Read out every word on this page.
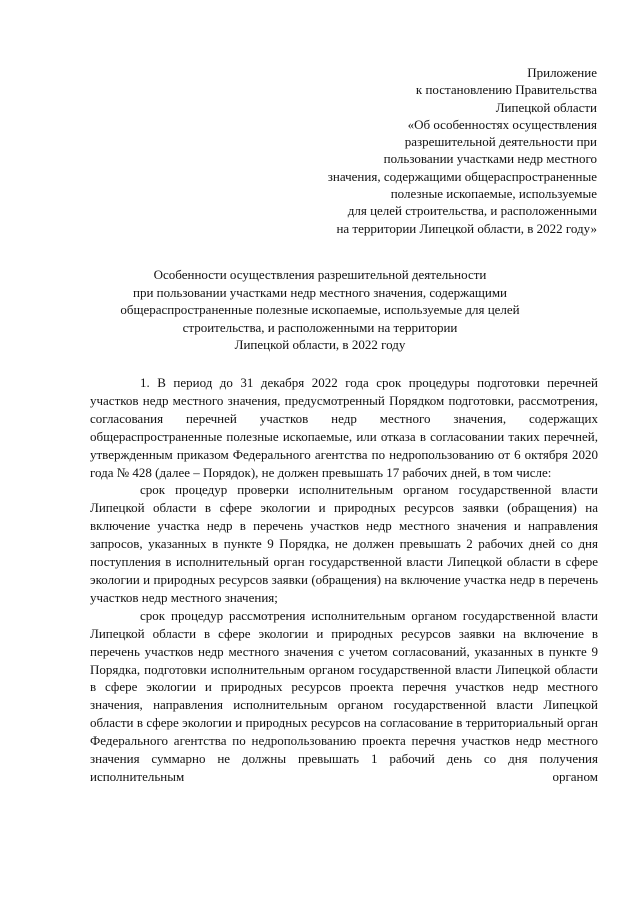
Приложение
к постановлению Правительства
Липецкой области
«Об особенностях осуществления
разрешительной деятельности при
пользовании участками недр местного
значения, содержащими общераспространенные
полезные ископаемые, используемые
для целей строительства, и расположенными
на территории Липецкой области, в 2022 году»
Особенности осуществления разрешительной деятельности
при пользовании участками недр местного значения, содержащими
общераспространенные полезные ископаемые, используемые для целей
строительства, и расположенными на территории
Липецкой области, в 2022 году

1. В период до 31 декабря 2022 года срок процедуры подготовки перечней участков недр местного значения, предусмотренный Порядком подготовки, рассмотрения, согласования перечней участков недр местного значения, содержащих общераспространенные полезные ископаемые, или отказа в согласовании таких перечней, утвержденным приказом Федерального агентства по недропользованию от 6 октября 2020 года № 428 (далее – Порядок), не должен превышать 17 рабочих дней, в том числе:

срок процедур проверки исполнительным органом государственной власти Липецкой области в сфере экологии и природных ресурсов заявки (обращения) на включение участка недр в перечень участков недр местного значения и направления запросов, указанных в пункте 9 Порядка, не должен превышать 2 рабочих дней со дня поступления в исполнительный орган государственной власти Липецкой области в сфере экологии и природных ресурсов заявки (обращения) на включение участка недр в перечень участков недр местного значения;

срок процедур рассмотрения исполнительным органом государственной власти Липецкой области в сфере экологии и природных ресурсов заявки на включение в перечень участков недр местного значения с учетом согласований, указанных в пункте 9 Порядка, подготовки исполнительным органом государственной власти Липецкой области в сфере экологии и природных ресурсов проекта перечня участков недр местного значения, направления исполнительным органом государственной власти Липецкой области в сфере экологии и природных ресурсов на согласование в территориальный орган Федерального агентства по недропользованию проекта перечня участков недр местного значения суммарно не должны превышать 1 рабочий день со дня получения исполнительным органом
